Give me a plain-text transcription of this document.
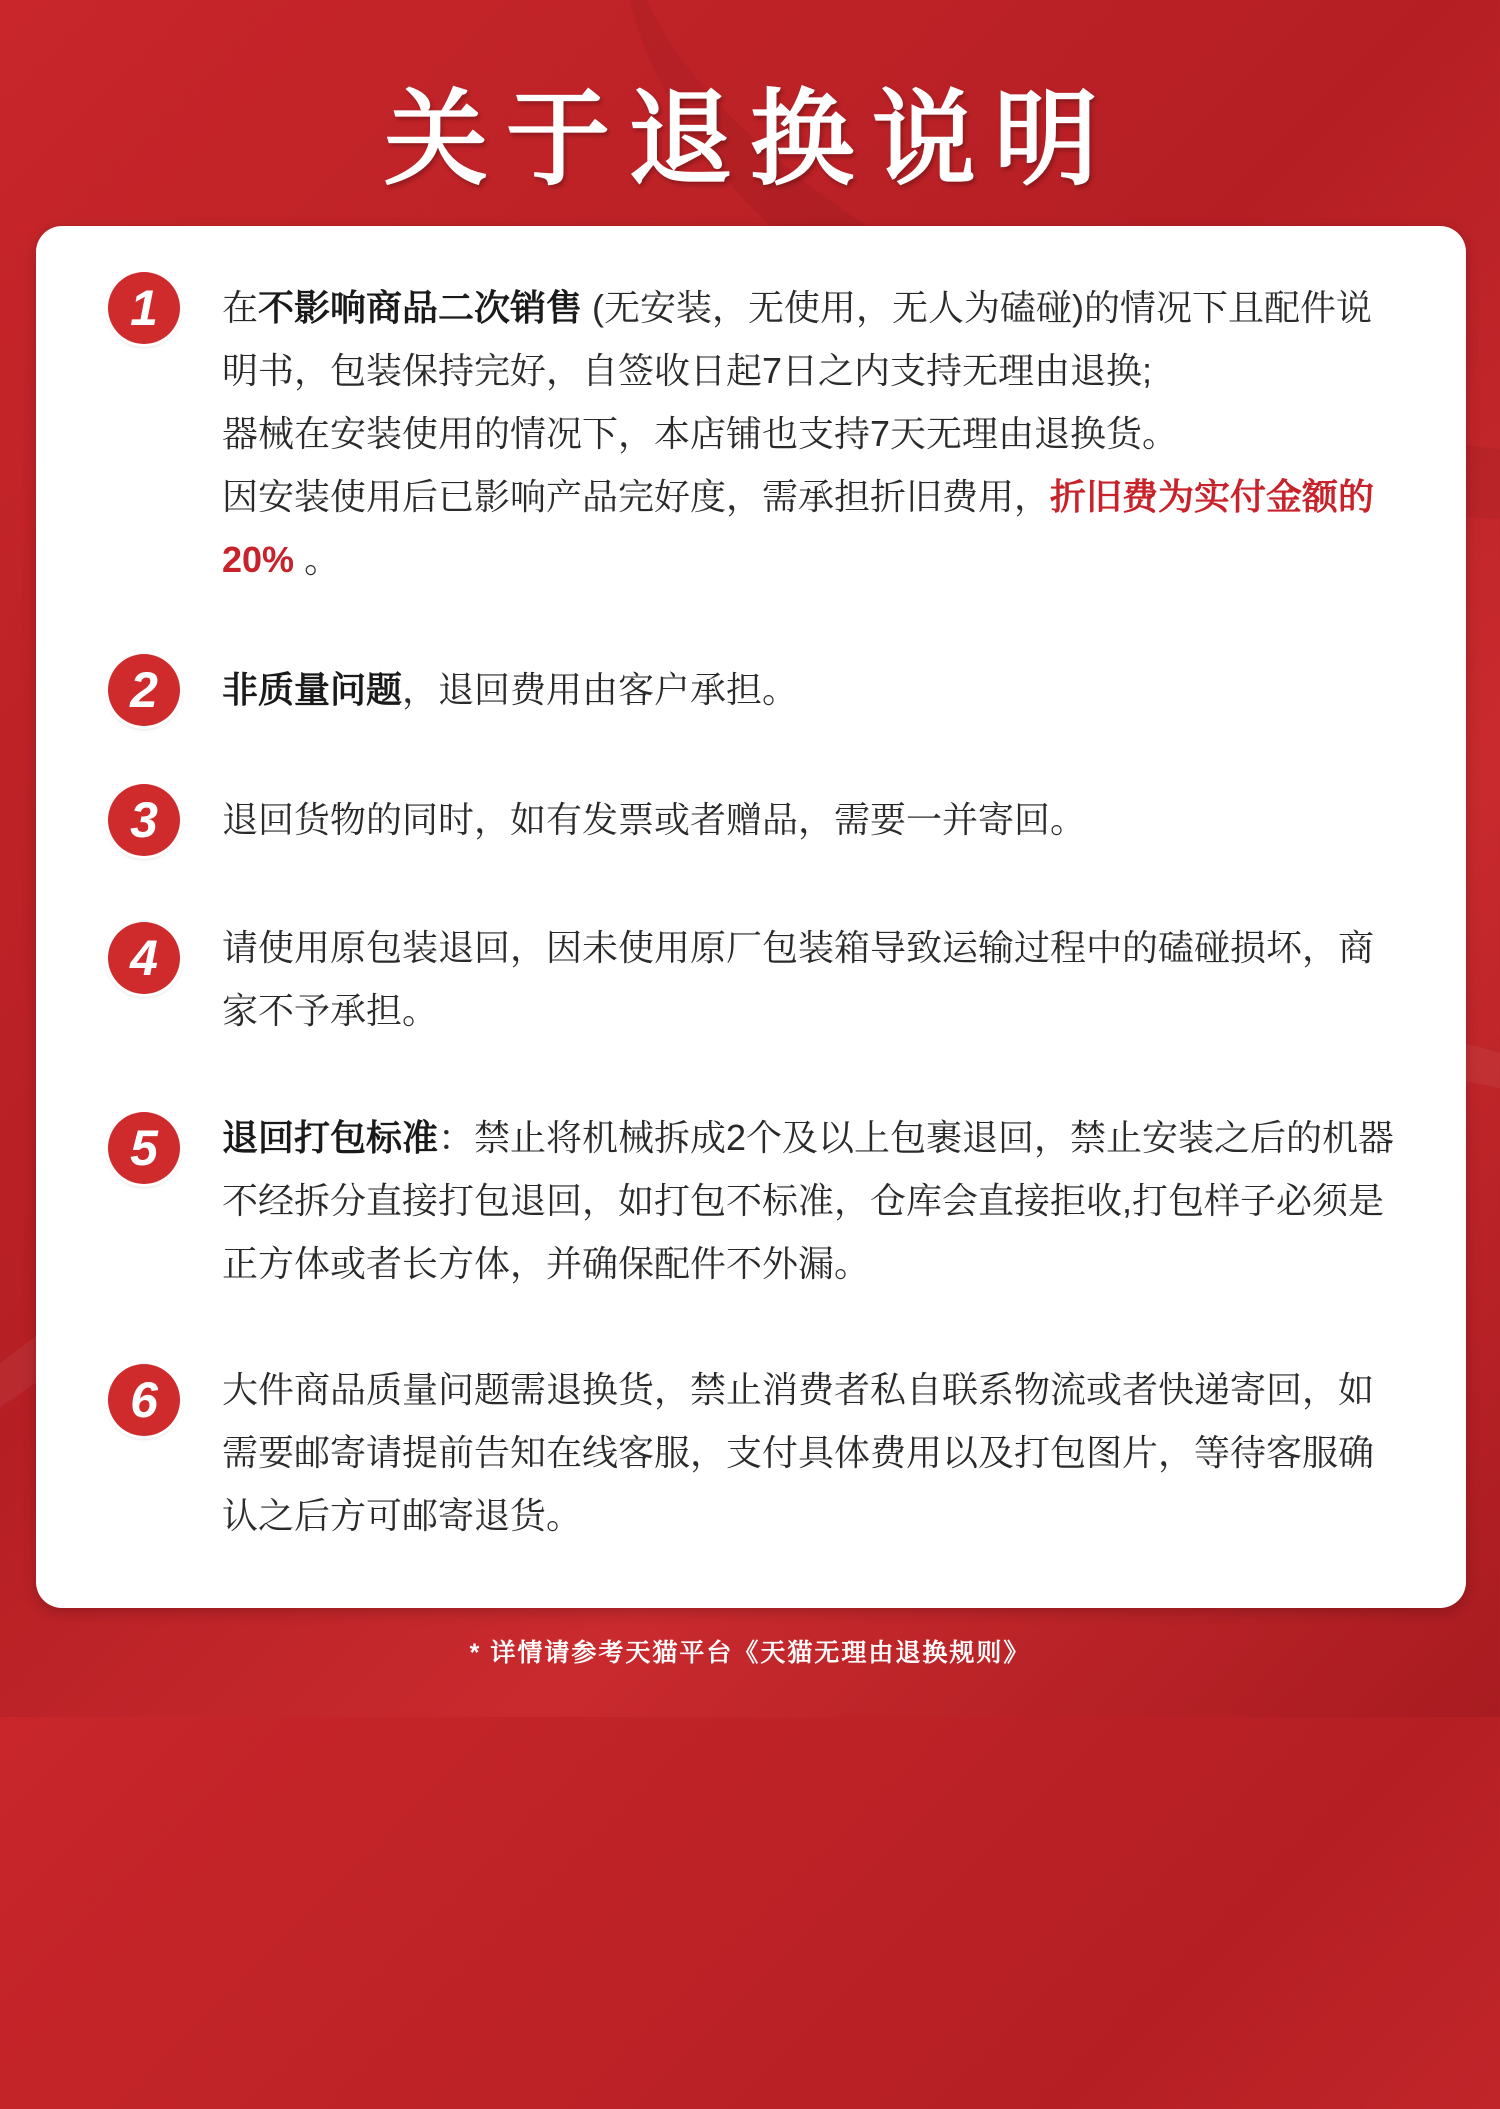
关于退换说明
1	在不影响商品二次销售 (无安装，无使用，无人为磕碰)的情况下且配件说明书，包装保持完好，自签收日起7日之内支持无理由退换;
器械在安装使用的情况下，本店铺也支持7天无理由退换货。
因安装使用后已影响产品完好度，需承担折旧费用，折旧费为实付金额的20% 。
2	非质量问题，退回费用由客户承担。
3	退回货物的同时，如有发票或者赠品，需要一并寄回。
4	请使用原包装退回，因未使用原厂包装箱导致运输过程中的磕碰损坏，商家不予承担。
5	退回打包标准：禁止将机械拆成2个及以上包裹退回，禁止安装之后的机器不经拆分直接打包退回，如打包不标准，仓库会直接拒收,打包样子必须是正方体或者长方体，并确保配件不外漏。
6	大件商品质量问题需退换货，禁止消费者私自联系物流或者快递寄回，如需要邮寄请提前告知在线客服，支付具体费用以及打包图片，等待客服确认之后方可邮寄退货。
* 详情请参考天猫平台《天猫无理由退换规则》
